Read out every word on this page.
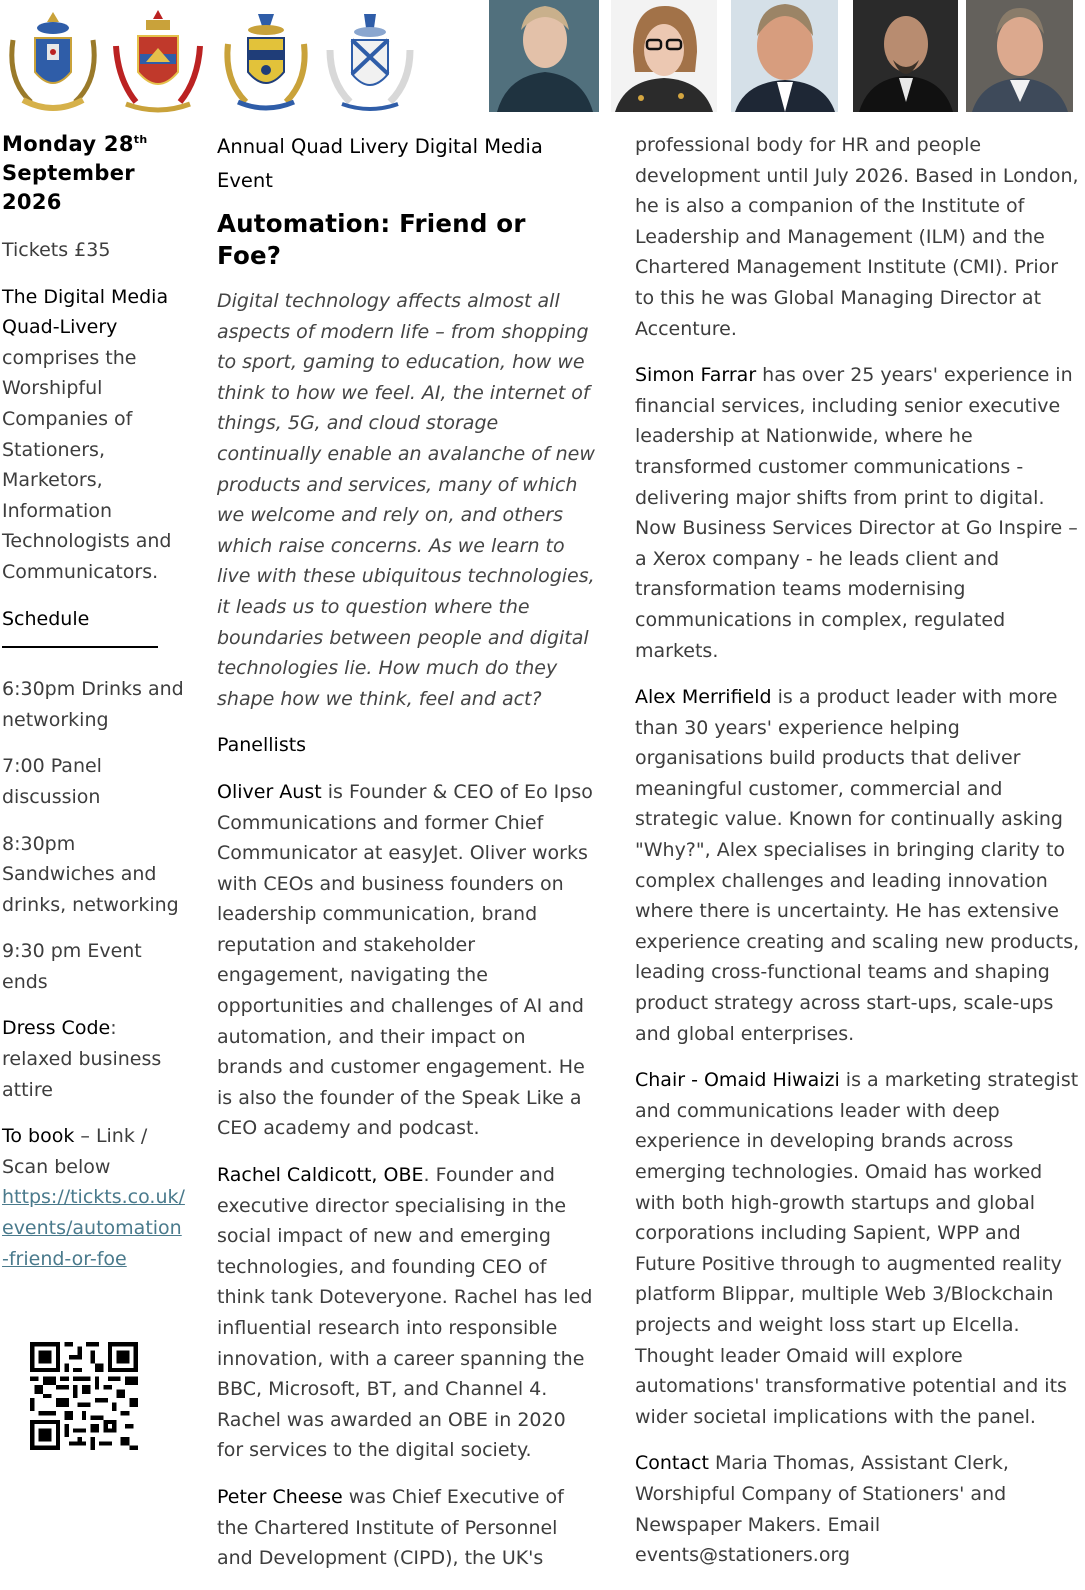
Monday 28th
September 2026

Tickets £35

The Digital Media Quad-Livery comprises the Worshipful Companies of Stationers, Marketors, Information Technologists and Communicators.

Schedule

6:30pm Drinks and networking

7:00 Panel discussion

8:30pm Sandwiches and drinks, networking

9:30 pm Event ends

Dress Code: relaxed business attire

To book – Link / Scan below
https://tickts.co.uk/events/automation-friend-or-foe

Annual Quad Livery Digital Media Event
Automation: Friend or Foe?

Digital technology affects almost all aspects of modern life – from shopping to sport, gaming to education, how we think to how we feel. AI, the internet of things, 5G, and cloud storage continually enable an avalanche of new products and services, many of which we welcome and rely on, and others which raise concerns. As we learn to live with these ubiquitous technologies, it leads us to question where the boundaries between people and digital technologies lie. How much do they shape how we think, feel and act?

Panellists

Oliver Aust is Founder & CEO of Eo Ipso Communications and former Chief Communicator at easyJet. Oliver works with CEOs and business founders on leadership communication, brand reputation and stakeholder engagement, navigating the opportunities and challenges of AI and automation, and their impact on brands and customer engagement. He is also the founder of the Speak Like a CEO academy and podcast.

Rachel Caldicott, OBE. Founder and executive director specialising in the social impact of new and emerging technologies, and founding CEO of think tank Doteveryone. Rachel has led influential research into responsible innovation, with a career spanning the BBC, Microsoft, BT, and Channel 4. Rachel was awarded an OBE in 2020 for services to the digital society.

Peter Cheese was Chief Executive of the Chartered Institute of Personnel and Development (CIPD), the UK's

professional body for HR and people development until July 2026. Based in London, he is also a companion of the Institute of Leadership and Management (ILM) and the Chartered Management Institute (CMI). Prior to this he was Global Managing Director at Accenture.

Simon Farrar has over 25 years' experience in financial services, including senior executive leadership at Nationwide, where he transformed customer communications - delivering major shifts from print to digital. Now Business Services Director at Go Inspire – a Xerox company - he leads client and transformation teams modernising communications in complex, regulated markets.

Alex Merrifield is a product leader with more than 30 years' experience helping organisations build products that deliver meaningful customer, commercial and strategic value. Known for continually asking "Why?", Alex specialises in bringing clarity to complex challenges and leading innovation where there is uncertainty. He has extensive experience creating and scaling new products, leading cross-functional teams and shaping product strategy across start-ups, scale-ups and global enterprises.

Chair - Omaid Hiwaizi is a marketing strategist and communications leader with deep experience in developing brands across emerging technologies. Omaid has worked with both high-growth startups and global corporations including Sapient, WPP and Future Positive through to augmented reality platform Blippar, multiple Web 3/Blockchain projects and weight loss start up Elcella. Thought leader Omaid will explore automations' transformative potential and its wider societal implications with the panel.

Contact Maria Thomas, Assistant Clerk, Worshipful Company of Stationers' and Newspaper Makers. Email events@stationers.org
